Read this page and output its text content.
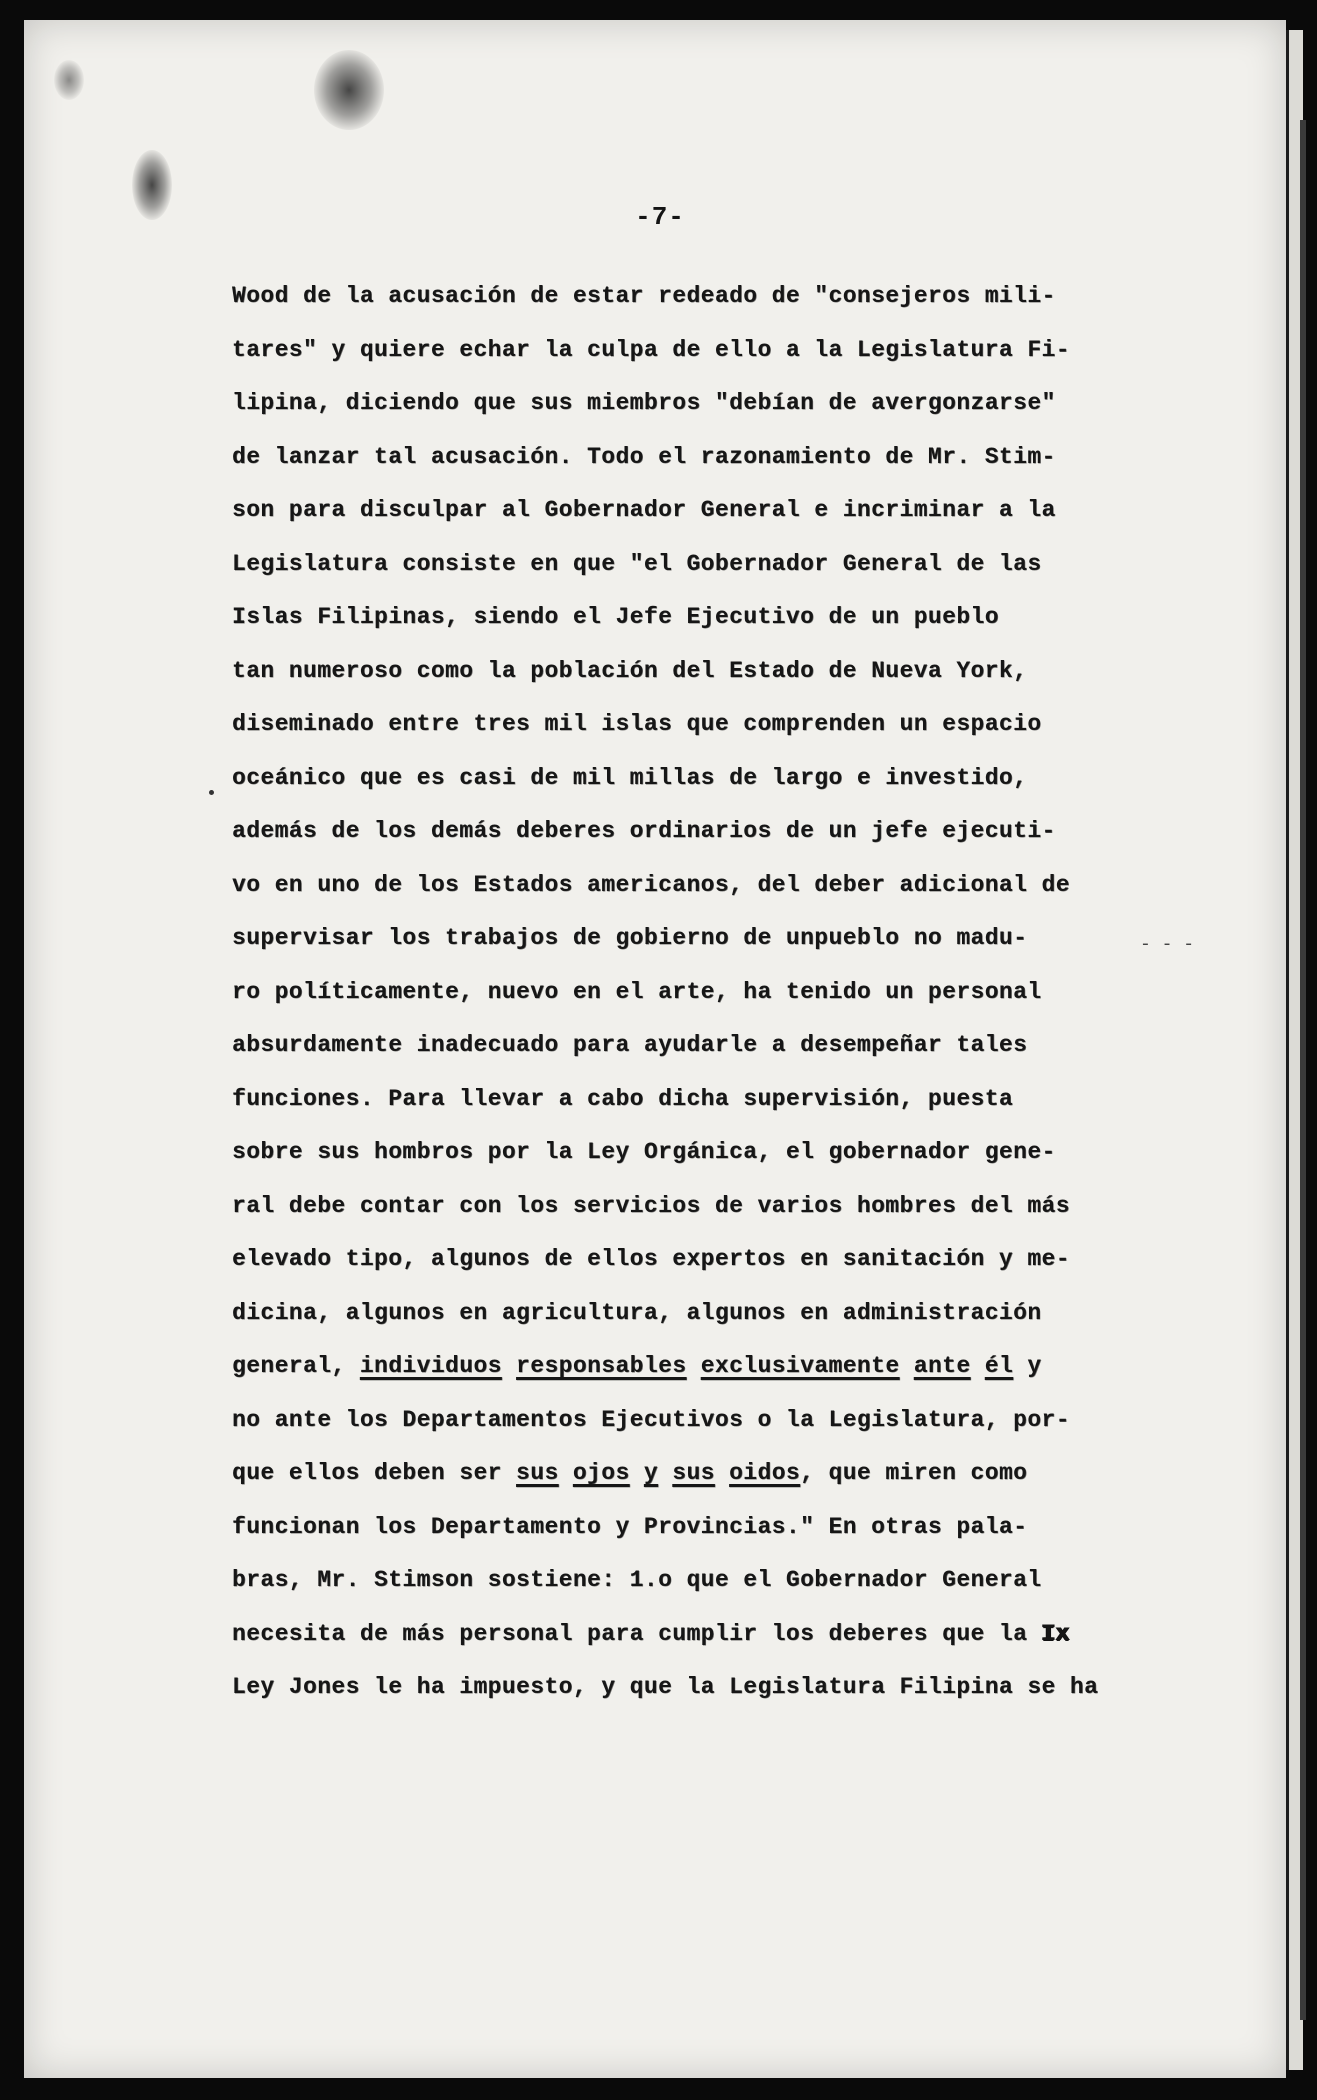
-7-
Wood de la acusación de estar redeado de "consejeros mili-
tares" y quiere echar la culpa de ello a la Legislatura Fi-
lipina, diciendo que sus miembros "debían de avergonzarse"
de lanzar tal acusación. Todo el razonamiento de Mr. Stim-
son para disculpar al Gobernador General e incriminar a la
Legislatura consiste en que "el Gobernador General de las
Islas Filipinas, siendo el Jefe Ejecutivo de un pueblo
tan numeroso como la población del Estado de Nueva York,
diseminado entre tres mil islas que comprenden un espacio
oceánico que es casi de mil millas de largo e investido,
además de los demás deberes ordinarios de un jefe ejecuti-
vo en uno de los Estados americanos, del deber adicional de
supervisar los trabajos de gobierno de unpueblo no madu-
ro políticamente, nuevo en el arte, ha tenido un personal
absurdamente inadecuado para ayudarle a desempeñar tales
funciones. Para llevar a cabo dicha supervisión, puesta
sobre sus hombros por la Ley Orgánica, el gobernador gene-
ral debe contar con los servicios de varios hombres del más
elevado tipo, algunos de ellos expertos en sanitación y me-
dicina, algunos en agricultura, algunos en administración
general, individuos responsables exclusivamente ante él y
no ante los Departamentos Ejecutivos o la Legislatura, por-
que ellos deben ser sus ojos y sus oidos, que miren como
funcionan los Departamento y Provincias." En otras pala-
bras, Mr. Stimson sostiene: 1.o que el Gobernador General
necesita de más personal para cumplir los deberes que la Ix
Ley Jones le ha impuesto, y que la Legislatura Filipina se ha
- - -
